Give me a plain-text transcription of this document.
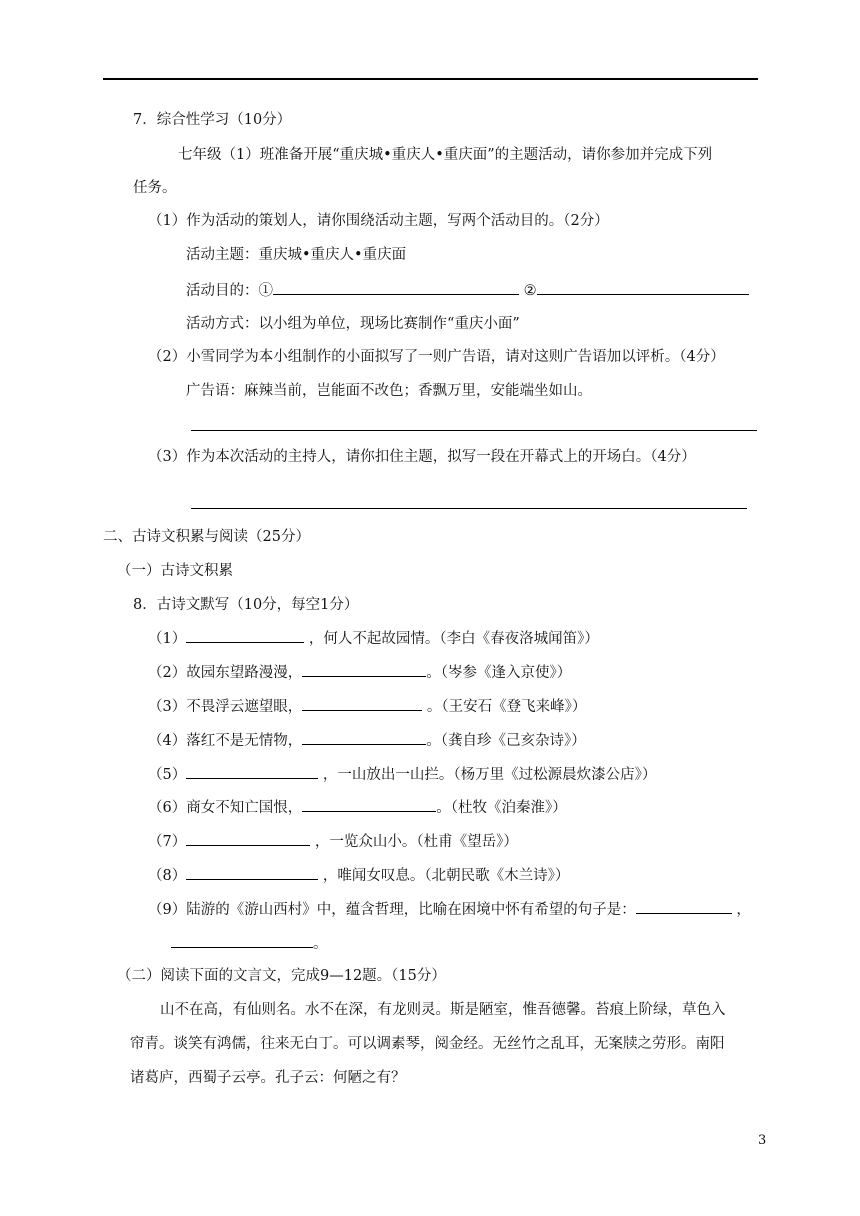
7．综合性学习（10分）
七年级（1）班准备开展“重庆城•重庆人•重庆面”的主题活动，请你参加并完成下列
任务。
（1）作为活动的策划人，请你围绕活动主题，写两个活动目的。（2分）
活动主题：重庆城•重庆人•重庆面
活动目的：①	②
活动方式：以小组为单位，现场比赛制作“重庆小面”
（2）小雪同学为本小组制作的小面拟写了一则广告语，请对这则广告语加以评析。（4分）
广告语：麻辣当前，岂能面不改色；香飘万里，安能端坐如山。
（3）作为本次活动的主持人，请你扣住主题，拟写一段在开幕式上的开场白。（4分）
二、古诗文积累与阅读（25分）
（一）古诗文积累
8．古诗文默写（10分，每空1分）
（1）	，何人不起故园情。（李白《春夜洛城闻笛》）
（2）故园东望路漫漫，	。（岑参《逢入京使》）
（3）不畏浮云遮望眼，	。（王安石《登飞来峰》）
（4）落红不是无情物，	。（龚自珍《己亥杂诗》）
（5）	，一山放出一山拦。（杨万里《过松源晨炊漆公店》）
（6）商女不知亡国恨，	。（杜牧《泊秦淮》）
（7）	，一览众山小。（杜甫《望岳》）
（8）	，唯闻女叹息。（北朝民歌《木兰诗》）
（9）陆游的《游山西村》中，蕴含哲理，比喻在困境中怀有希望的句子是：	，
。
（二）阅读下面的文言文，完成9—12题。（15分）
山不在高，有仙则名。水不在深，有龙则灵。斯是陋室，惟吾德馨。苔痕上阶绿，草色入
帘青。谈笑有鸿儒，往来无白丁。可以调素琴，阅金经。无丝竹之乱耳，无案牍之劳形。南阳
诸葛庐，西蜀子云亭。孔子云：何陋之有？
3
